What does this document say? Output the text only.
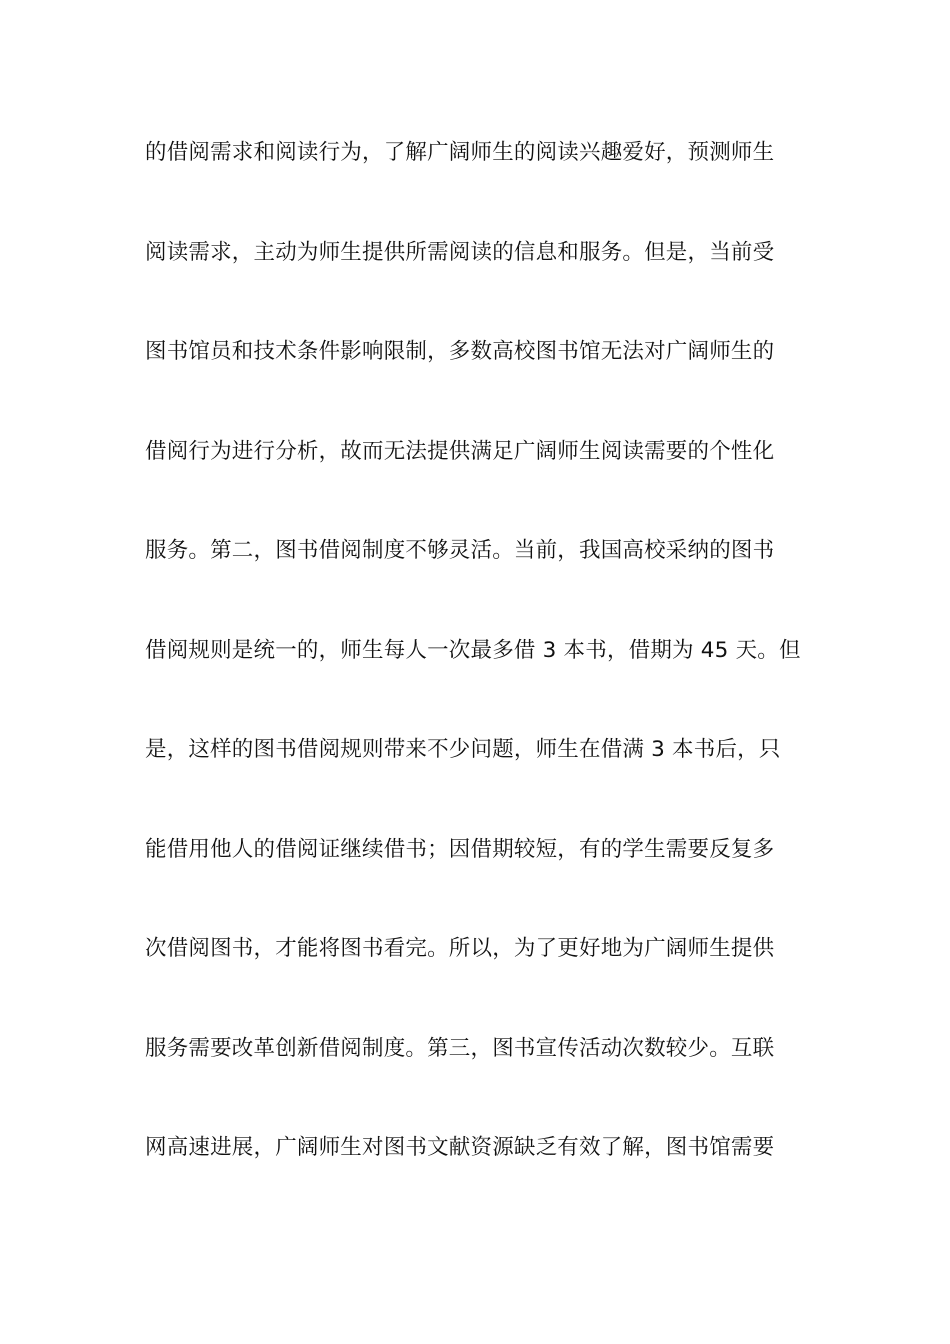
的借阅需求和阅读行为，了解广阔师生的阅读兴趣爱好，预测师生
阅读需求，主动为师生提供所需阅读的信息和服务。但是，当前受
图书馆员和技术条件影响限制，多数高校图书馆无法对广阔师生的
借阅行为进行分析，故而无法提供满足广阔师生阅读需要的个性化
服务。第二，图书借阅制度不够灵活。当前，我国高校采纳的图书
借阅规则是统一的，师生每人一次最多借 3 本书，借期为 45 天。但
是，这样的图书借阅规则带来不少问题，师生在借满 3 本书后，只
能借用他人的借阅证继续借书；因借期较短，有的学生需要反复多
次借阅图书，才能将图书看完。所以，为了更好地为广阔师生提供
服务需要改革创新借阅制度。第三，图书宣传活动次数较少。互联
网高速进展，广阔师生对图书文献资源缺乏有效了解，图书馆需要
